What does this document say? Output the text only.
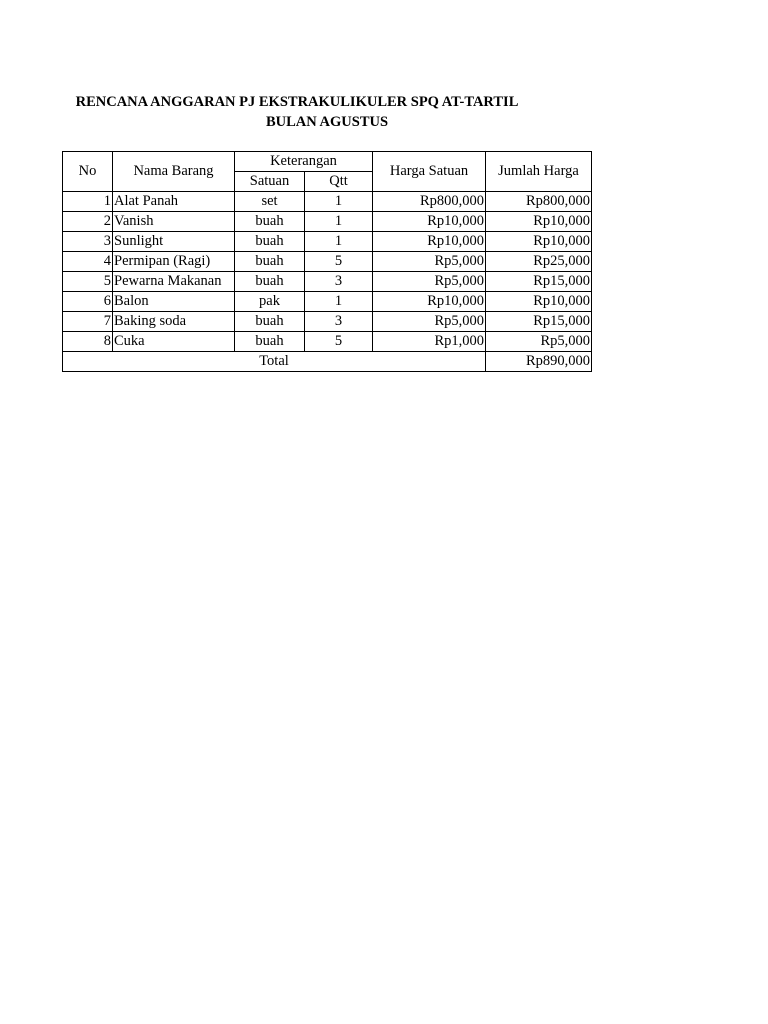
RENCANA ANGGARAN PJ EKSTRAKULIKULER SPQ AT-TARTIL
BULAN AGUSTUS
No	Nama Barang	Keterangan		Harga Satuan	Jumlah Harga
		Satuan	Qtt		
1	Alat Panah	set	1	Rp800,000	Rp800,000
2	Vanish	buah	1	Rp10,000	Rp10,000
3	Sunlight	buah	1	Rp10,000	Rp10,000
4	Permipan (Ragi)	buah	5	Rp5,000	Rp25,000
5	Pewarna Makanan	buah	3	Rp5,000	Rp15,000
6	Balon	pak	1	Rp10,000	Rp10,000
7	Baking soda	buah	3	Rp5,000	Rp15,000
8	Cuka	buah	5	Rp1,000	Rp5,000
Total					Rp890,000
